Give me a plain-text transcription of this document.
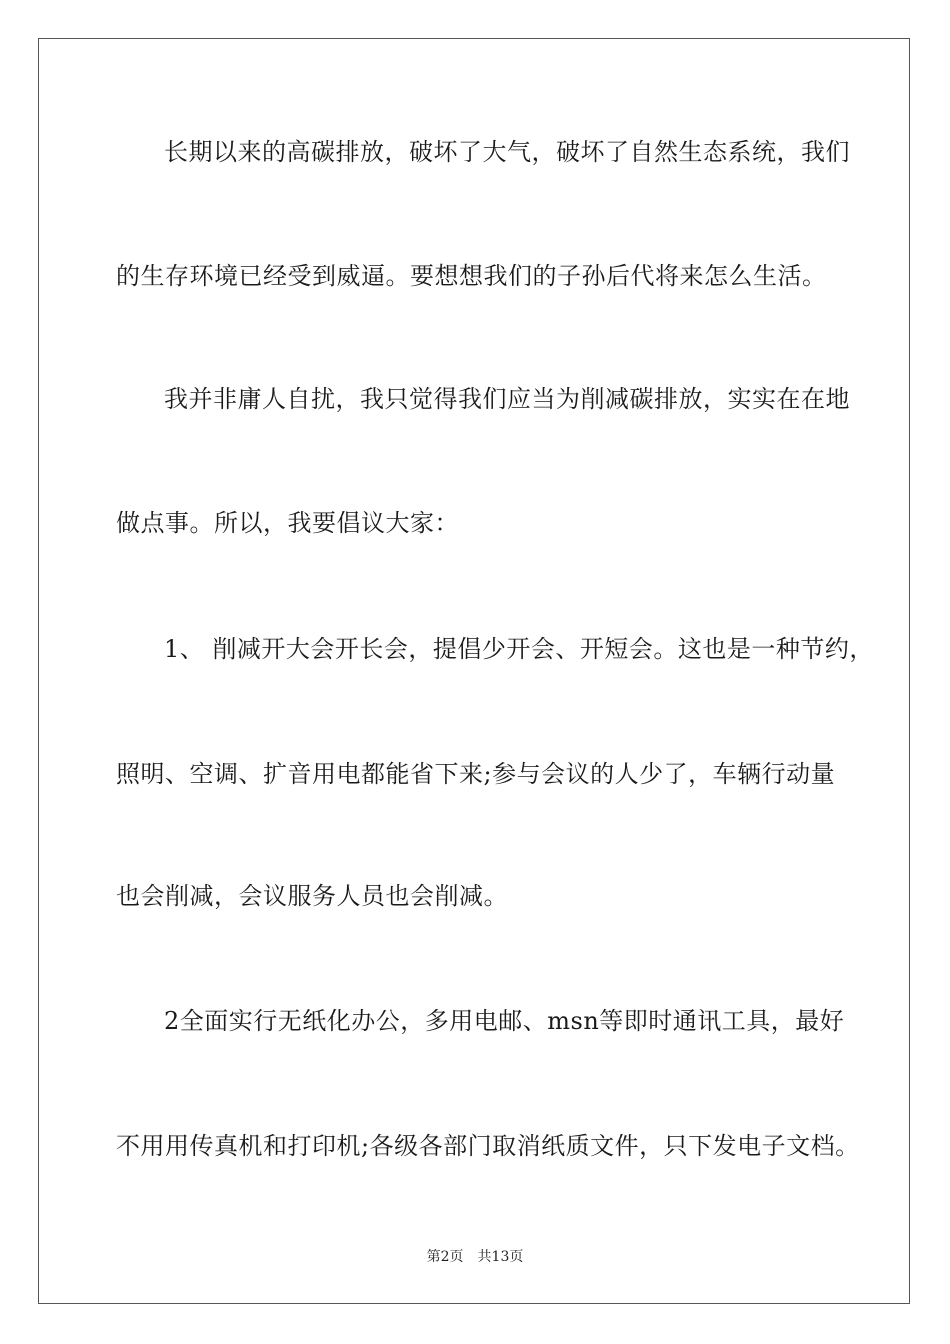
长期以来的高碳排放，破坏了大气，破坏了自然生态系统，我们
的生存环境已经受到威逼。要想想我们的子孙后代将来怎么生活。
我并非庸人自扰，我只觉得我们应当为削减碳排放，实实在在地
做点事。所以，我要倡议大家：
1、 削减开大会开长会，提倡少开会、开短会。这也是一种节约，
照明、空调、扩音用电都能省下来;参与会议的人少了，车辆行动量
也会削减，会议服务人员也会削减。
2全面实行无纸化办公，多用电邮、msn等即时通讯工具，最好
不用用传真机和打印机;各级各部门取消纸质文件，只下发电子文档。
第2页 共13页
